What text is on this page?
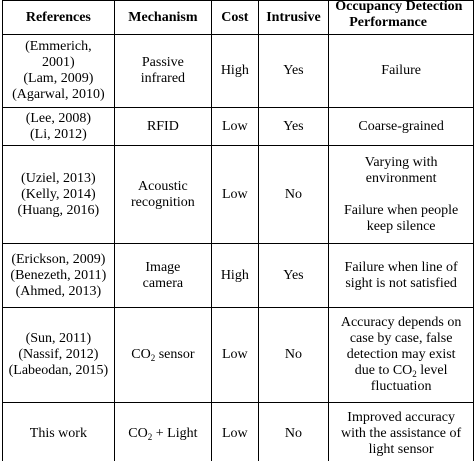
References	Mechanism	Cost	Intrusive	Occupancy Detection
Performance

(Emmerich,
2001)
(Lam, 2009)
(Agarwal, 2010)	Passive
infrared	High	Yes	Failure

(Lee, 2008)
(Li, 2012)	RFID	Low	Yes	Coarse-grained

(Uziel, 2013)
(Kelly, 2014)
(Huang, 2016)	Acoustic
recognition	Low	No	Varying with
environment
Failure when people
keep silence

(Erickson, 2009)
(Benezeth, 2011)
(Ahmed, 2013)	Image
camera	High	Yes	Failure when line of
sight is not satisfied

(Sun, 2011)
(Nassif, 2012)
(Labeodan, 2015)	$CO_2$ sensor	Low	No	Accuracy depends on
case by case, false
detection may exist
due to $CO_2$ level
fluctuation

This work	$CO_2$ + Light	Low	No	Improved accuracy
with the assistance of
light sensor
